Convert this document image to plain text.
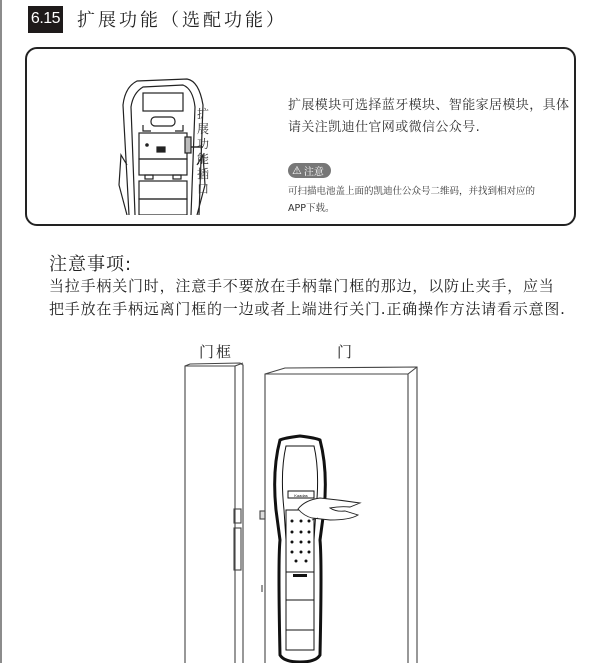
6.15 扩展功能（选配功能）
扩展功能插口
扩展模块可选择蓝牙模块、智能家居模块，具体请关注凯迪仕官网或微信公众号.
⚠ 注意
可扫描电池盖上面的凯迪仕公众号二维码，并找到相对应的APP下载。
注意事项:
当拉手柄关门时，注意手不要放在手柄靠门框的那边，以防止夹手，应当把手放在手柄远离门框的一边或者上端进行关门.正确操作方法请看示意图.
门框	门
Kaadas
